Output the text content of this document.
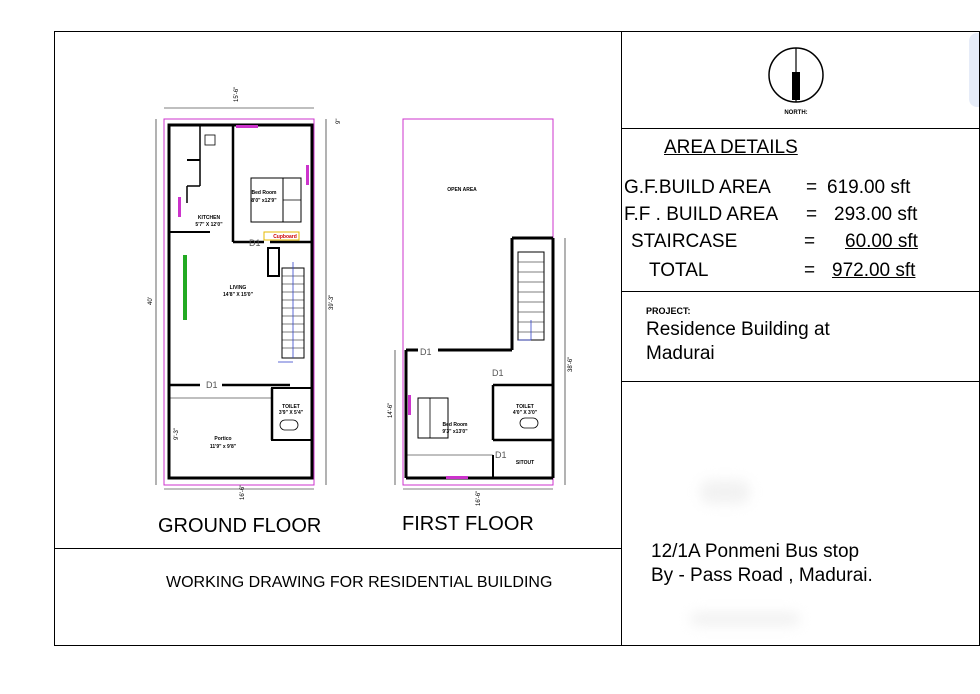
NORTH:
15'-6"
9"
40'	39'-3"
9'-3"
16'-6"
KITCHEN
5'7" X 12'0"
Bed Room
8'0" x12'9"
Cupboard
LIVING
14'8" X 15'0"
TOILET
3'9" X 5'4"
Portico
11'9" x 9'8"
D1
D1
38'-6"
14'-6"
16'-6"
OPEN AREA
Bed Room
9'3" x13'0"
TOILET
4'0" X 3'0"
SITOUT
D1
D1
D1
GROUND FLOOR	FIRST FLOOR
WORKING DRAWING FOR RESIDENTIAL BUILDING
AREA DETAILS
G.F.BUILD AREA = 619.00 sft
F.F . BUILD AREA = 293.00 sft
STAIRCASE	= 60.00 sft
TOTAL	= 972.00 sft
PROJECT:
Residence Building at
Madurai
12/1A Ponmeni Bus stop
By - Pass Road , Madurai.
